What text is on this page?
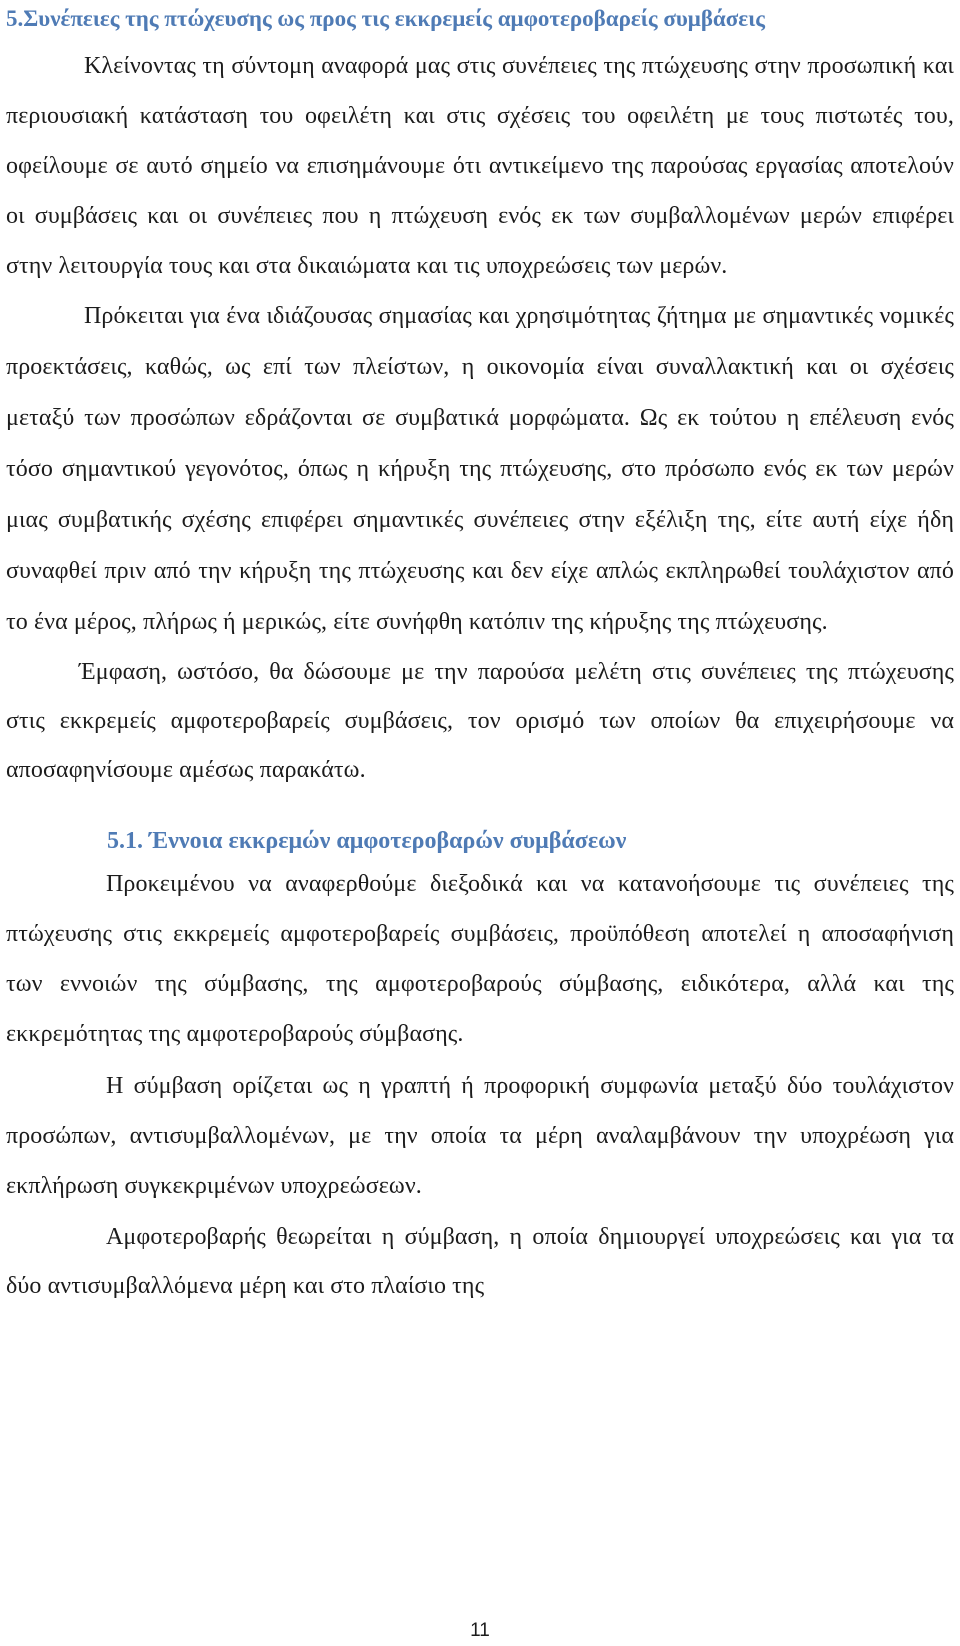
5.Συνέπειες της πτώχευσης ως προς τις εκκρεμείς αμφοτεροβαρείς συμβάσεις

Κλείνοντας τη σύντομη αναφορά μας στις συνέπειες της πτώχευσης στην προσωπική και περιουσιακή κατάσταση του οφειλέτη και στις σχέσεις του οφειλέτη με τους πιστωτές του, οφείλουμε σε αυτό σημείο να επισημάνουμε ότι αντικείμενο της παρούσας εργασίας αποτελούν οι συμβάσεις και οι συνέπειες που η πτώχευση ενός εκ των συμβαλλομένων μερών επιφέρει στην λειτουργία τους και στα δικαιώματα και τις υποχρεώσεις των μερών.

Πρόκειται για ένα ιδιάζουσας σημασίας και χρησιμότητας ζήτημα με σημαντικές νομικές προεκτάσεις, καθώς, ως επί των πλείστων, η οικονομία είναι συναλλακτική και οι σχέσεις μεταξύ των προσώπων εδράζονται σε συμβατικά μορφώματα. Ως εκ τούτου η επέλευση ενός τόσο σημαντικού γεγονότος, όπως η κήρυξη της πτώχευσης, στο πρόσωπο ενός εκ των μερών μιας συμβατικής σχέσης επιφέρει σημαντικές συνέπειες στην εξέλιξη της, είτε αυτή είχε ήδη συναφθεί πριν από την κήρυξη της πτώχευσης και δεν είχε απλώς εκπληρωθεί τουλάχιστον από το ένα μέρος, πλήρως ή μερικώς, είτε συνήφθη κατόπιν της κήρυξης της πτώχευσης.

Έμφαση, ωστόσο, θα δώσουμε με την παρούσα μελέτη στις συνέπειες της πτώχευσης στις εκκρεμείς αμφοτεροβαρείς συμβάσεις, τον ορισμό των οποίων θα επιχειρήσουμε να αποσαφηνίσουμε αμέσως παρακάτω.

5.1. Έννοια εκκρεμών αμφοτεροβαρών συμβάσεων

Προκειμένου να αναφερθούμε διεξοδικά και να κατανοήσουμε τις συνέπειες της πτώχευσης στις εκκρεμείς αμφοτεροβαρείς συμβάσεις, προϋπόθεση αποτελεί η αποσαφήνιση των εννοιών της σύμβασης, της αμφοτεροβαρούς σύμβασης, ειδικότερα, αλλά και της εκκρεμότητας της αμφοτεροβαρούς σύμβασης.

Η σύμβαση ορίζεται ως η γραπτή ή προφορική συμφωνία μεταξύ δύο τουλάχιστον προσώπων, αντισυμβαλλομένων, με την οποία τα μέρη αναλαμβάνουν την υποχρέωση για εκπλήρωση συγκεκριμένων υποχρεώσεων.

Αμφοτεροβαρής θεωρείται η σύμβαση, η οποία δημιουργεί υποχρεώσεις και για τα δύο αντισυμβαλλόμενα μέρη και στο πλαίσιο της

11
